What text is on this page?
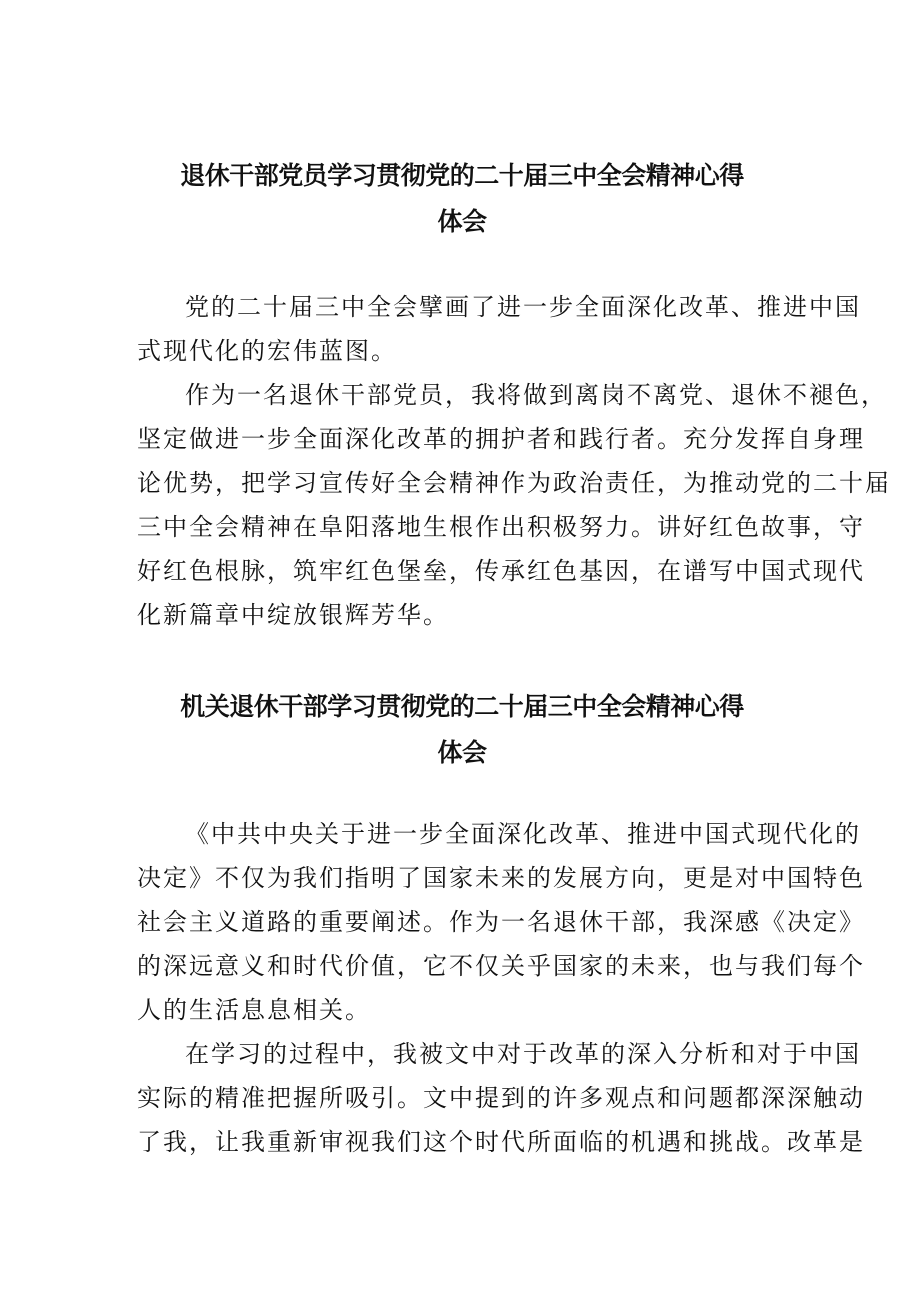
退休干部党员学习贯彻党的二十届三中全会精神心得
体会
党的二十届三中全会擘画了进一步全面深化改革、推进中国
式现代化的宏伟蓝图。
作为一名退休干部党员，我将做到离岗不离党、退休不褪色，
坚定做进一步全面深化改革的拥护者和践行者。充分发挥自身理
论优势，把学习宣传好全会精神作为政治责任，为推动党的二十届
三中全会精神在阜阳落地生根作出积极努力。讲好红色故事，守
好红色根脉，筑牢红色堡垒，传承红色基因，在谱写中国式现代
化新篇章中绽放银辉芳华。
机关退休干部学习贯彻党的二十届三中全会精神心得
体会
《中共中央关于进一步全面深化改革、推进中国式现代化的
决定》不仅为我们指明了国家未来的发展方向，更是对中国特色
社会主义道路的重要阐述。作为一名退休干部，我深感《决定》
的深远意义和时代价值，它不仅关乎国家的未来，也与我们每个
人的生活息息相关。
在学习的过程中，我被文中对于改革的深入分析和对于中国
实际的精准把握所吸引。文中提到的许多观点和问题都深深触动
了我，让我重新审视我们这个时代所面临的机遇和挑战。改革是
